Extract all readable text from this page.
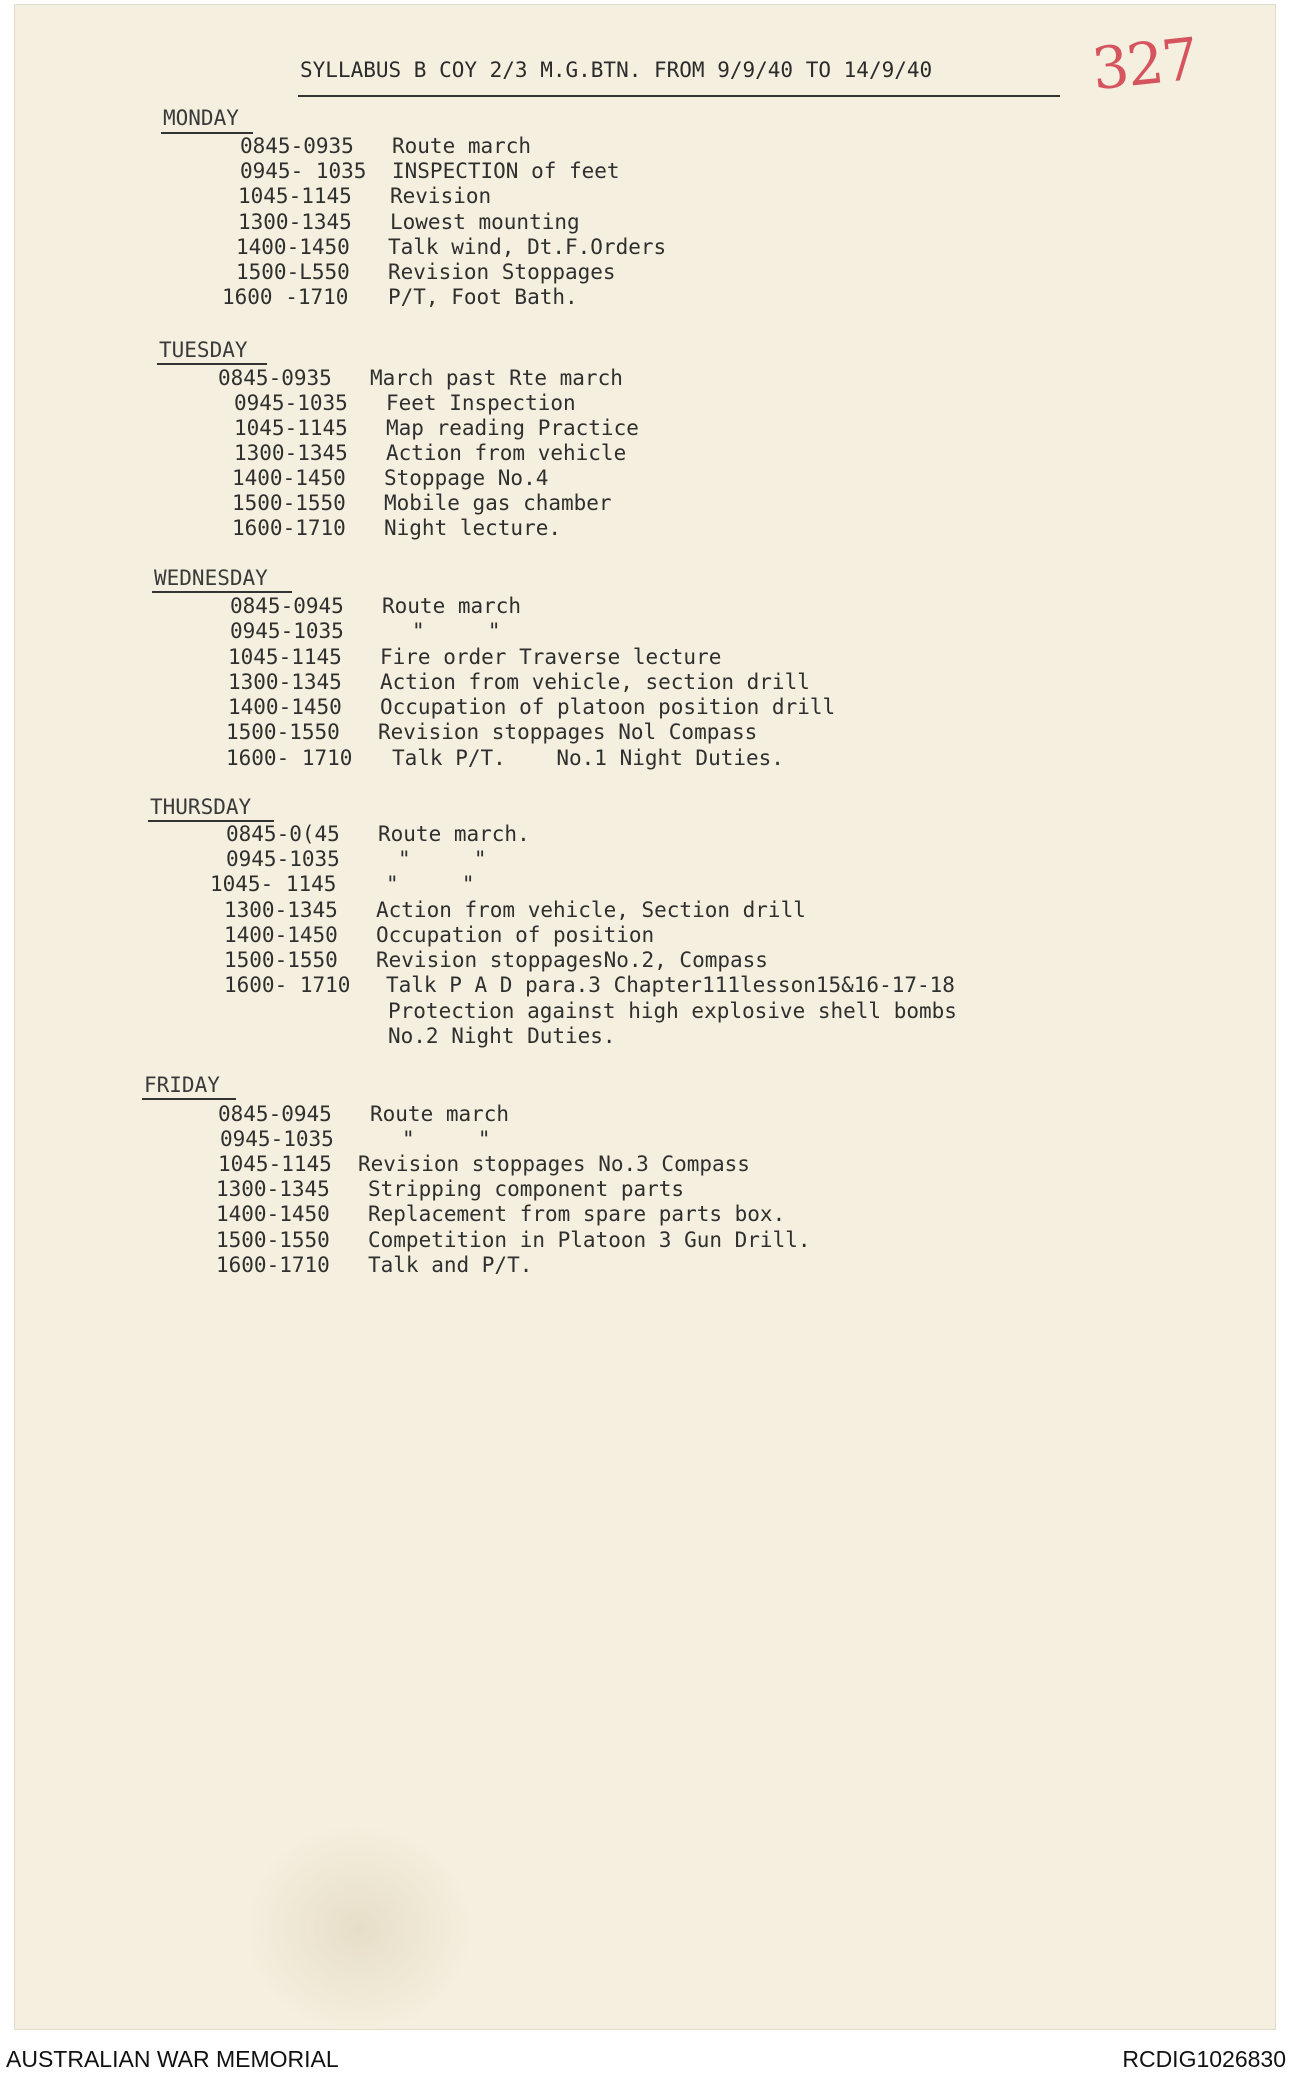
327
SYLLABUS B COY 2/3 M.G.BTN. FROM 9/9/40 TO 14/9/40
MONDAY
0845-0935 Route march
0945- 1035 INSPECTION of feet
1045-1145 Revision
1300-1345 Lowest mounting
1400-1450 Talk wind, Dt.F.Orders
1500-L550 Revision Stoppages
1600 -1710 P/T, Foot Bath.
TUESDAY
0845-0935 March past Rte march
0945-1035 Feet Inspection
1045-1145 Map reading Practice
1300-1345 Action from vehicle
1400-1450 Stoppage No.4
1500-1550 Mobile gas chamber
1600-1710 Night lecture.
WEDNESDAY
0845-0945 Route march
0945-1035	"     "
1045-1145 Fire order Traverse lecture
1300-1345 Action from vehicle, section drill
1400-1450 Occupation of platoon position drill
1500-1550 Revision stoppages Nol Compass
1600- 1710 Talk P/T.    No.1 Night Duties.
THURSDAY
0845-0(45 Route march.
0945-1035	"     "
1045- 1145 "     "
1300-1345 Action from vehicle, Section drill
1400-1450 Occupation of position
1500-1550 Revision stoppagesNo.2, Compass
1600- 1710 Talk P A D para.3 Chapter111lesson15&16-17-18
Protection against high explosive shell bombs
No.2 Night Duties.
FRIDAY
0845-0945 Route march
0945-1035	"     "
1045-1145 Revision stoppages No.3 Compass
1300-1345 Stripping component parts
1400-1450 Replacement from spare parts box.
1500-1550 Competition in Platoon 3 Gun Drill.
1600-1710 Talk and P/T.
AUSTRALIAN WAR MEMORIAL	RCDIG1026830
